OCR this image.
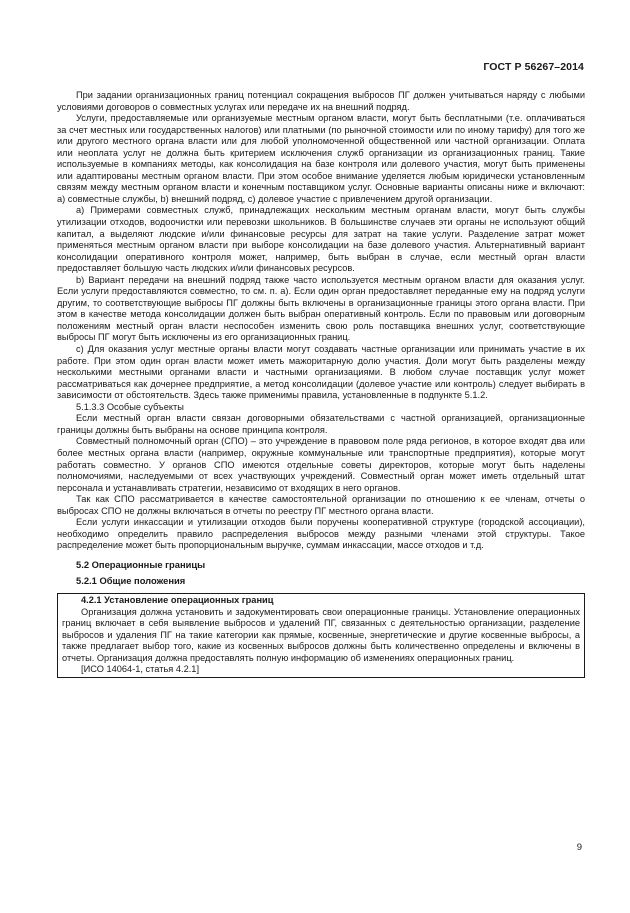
ГОСТ Р 56267–2014

При задании организационных границ потенциал сокращения выбросов ПГ должен учитываться наряду с любыми условиями договоров о совместных услугах или передаче их на внешний подряд.

Услуги, предоставляемые или организуемые местным органом власти, могут быть бесплатными (т.е. оплачиваться за счет местных или государственных налогов) или платными (по рыночной стоимости или по иному тарифу) для того же или другого местного органа власти или для любой уполномоченной общественной или частной организации. Оплата или неоплата услуг не должна быть критерием исключения служб организации из организационных границ. Такие используемые в компаниях методы, как консолидация на базе контроля или долевого участия, могут быть применены или адаптированы местным органом власти. При этом особое внимание уделяется любым юридически установленным связям между местным органом власти и конечным поставщиком услуг. Основные варианты описаны ниже и включают: a) совместные службы, b) внешний подряд, c) долевое участие с привлечением другой организации.

а) Примерами совместных служб, принадлежащих нескольким местным органам власти, могут быть службы утилизации отходов, водоочистки или перевозки школьников. В большинстве случаев эти органы не используют общий капитал, а выделяют людские и/или финансовые ресурсы для затрат на такие услуги. Разделение затрат может применяться местным органом власти при выборе консолидации на базе долевого участия. Альтернативный вариант консолидации оперативного контроля может, например, быть выбран в случае, если местный орган власти предоставляет большую часть людских и/или финансовых ресурсов.

b) Вариант передачи на внешний подряд также часто используется местным органом власти для оказания услуг. Если услуги предоставляются совместно, то см. п. а). Если один орган предоставляет переданные ему на подряд услуги другим, то соответствующие выбросы ПГ должны быть включены в организационные границы этого органа власти. При этом в качестве метода консолидации должен быть выбран оперативный контроль. Если по правовым или договорным положениям местный орган власти неспособен изменить свою роль поставщика внешних услуг, соответствующие выбросы ПГ могут быть исключены из его организационных границ.

c) Для оказания услуг местные органы власти могут создавать частные организации или принимать участие в их работе. При этом один орган власти может иметь мажоритарную долю участия. Доли могут быть разделены между несколькими местными органами власти и частными организациями. В любом случае поставщик услуг может рассматриваться как дочернее предприятие, а метод консолидации (долевое участие или контроль) следует выбирать в зависимости от обстоятельств. Здесь также применимы правила, установленные в подпункте 5.1.2.

5.1.3.3 Особые субъекты

Если местный орган власти связан договорными обязательствами с частной организацией, организационные границы должны быть выбраны на основе принципа контроля.

Совместный полномочный орган (СПО) – это учреждение в правовом поле ряда регионов, в которое входят два или более местных органа власти (например, окружные коммунальные или транспортные предприятия), которые могут работать совместно. У органов СПО имеются отдельные советы директоров, которые могут быть наделены полномочиями, наследуемыми от всех участвующих учреждений. Совместный орган может иметь отдельный штат персонала и устанавливать стратегии, независимо от входящих в него органов.

Так как СПО рассматривается в качестве самостоятельной организации по отношению к ее членам, отчеты о выбросах СПО не должны включаться в отчеты по реестру ПГ местного органа власти.

Если услуги инкассации и утилизации отходов были поручены кооперативной структуре (городской ассоциации), необходимо определить правило распределения выбросов между разными членами этой структуры. Такое распределение может быть пропорциональным выручке, суммам инкассации, массе отходов и т.д.

5.2 Операционные границы
5.2.1 Общие положения

4.2.1 Установление операционных границ

Организация должна установить и задокументировать свои операционные границы. Установление операционных границ включает в себя выявление выбросов и удалений ПГ, связанных с деятельностью организации, разделение выбросов и удаления ПГ на такие категории как прямые, косвенные, энергетические и другие косвенные выбросы, а также предлагает выбор того, какие из косвенных выбросов должны быть количественно определены и включены в отчеты. Организация должна предоставлять полную информацию об изменениях операционных границ.

[ИСО 14064-1, статья 4.2.1]

9
